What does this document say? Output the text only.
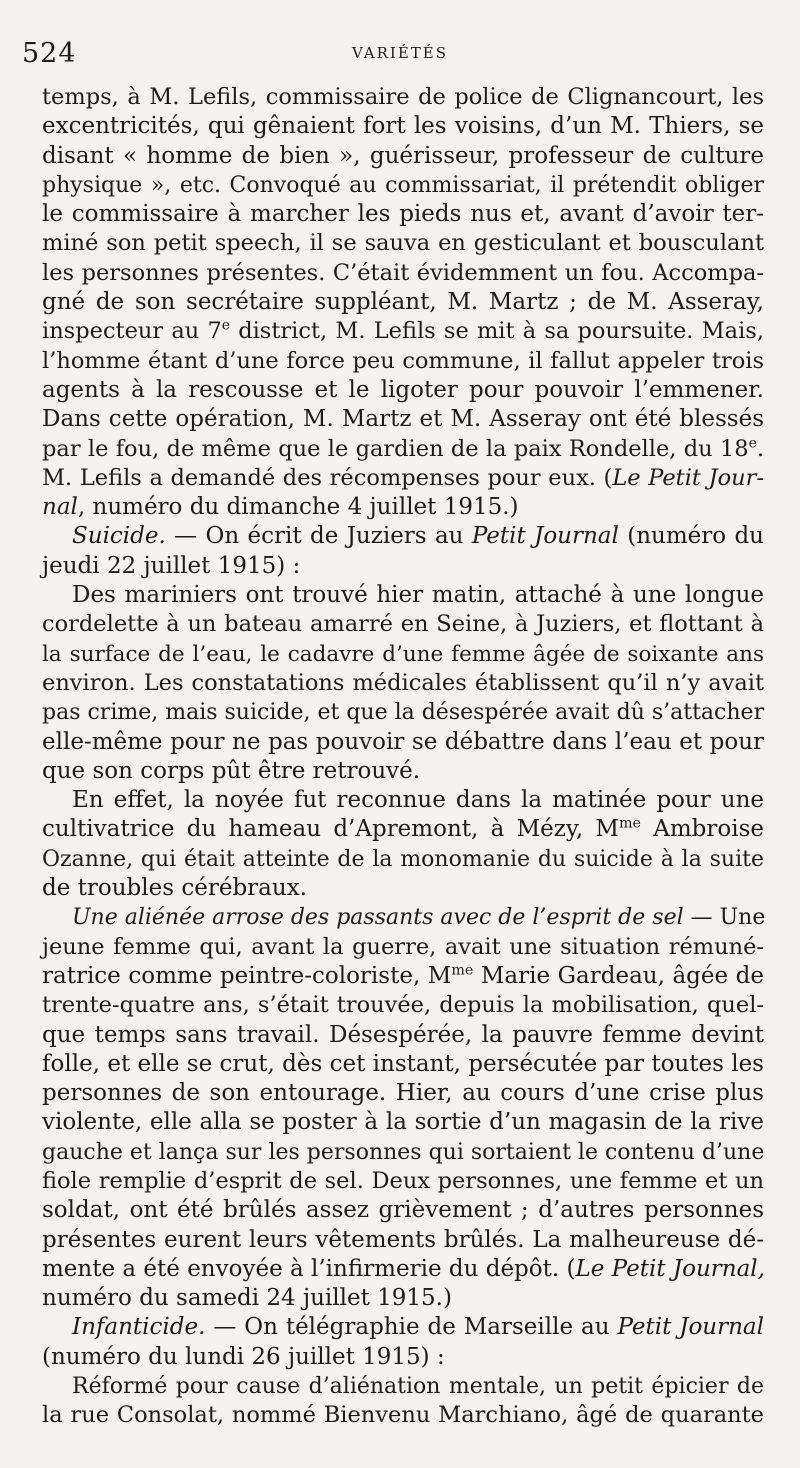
524	VARIÉTÉS
temps, à M. Lefils, commissaire de police de Clignancourt, les
excentricités, qui gênaient fort les voisins, d’un M. Thiers, se
disant « homme de bien », guérisseur, professeur de culture
physique », etc. Convoqué au commissariat, il prétendit obliger
le commissaire à marcher les pieds nus et, avant d’avoir ter-
miné son petit speech, il se sauva en gesticulant et bousculant
les personnes présentes. C’était évidemment un fou. Accompa-
gné de son secrétaire suppléant, M. Martz ; de M. Asseray,
inspecteur au 7e district, M. Lefils se mit à sa poursuite. Mais,
l’homme étant d’une force peu commune, il fallut appeler trois
agents à la rescousse et le ligoter pour pouvoir l’emmener.
Dans cette opération, M. Martz et M. Asseray ont été blessés
par le fou, de même que le gardien de la paix Rondelle, du 18e.
M. Lefils a demandé des récompenses pour eux. (Le Petit Jour-
nal, numéro du dimanche 4 juillet 1915.)
Suicide. — On écrit de Juziers au Petit Journal (numéro du
jeudi 22 juillet 1915) :
Des mariniers ont trouvé hier matin, attaché à une longue
cordelette à un bateau amarré en Seine, à Juziers, et flottant à
la surface de l’eau, le cadavre d’une femme âgée de soixante ans
environ. Les constatations médicales établissent qu’il n’y avait
pas crime, mais suicide, et que la désespérée avait dû s’attacher
elle-même pour ne pas pouvoir se débattre dans l’eau et pour
que son corps pût être retrouvé.
En effet, la noyée fut reconnue dans la matinée pour une
cultivatrice du hameau d’Apremont, à Mézy, $M^{me}$ Ambroise
Ozanne, qui était atteinte de la monomanie du suicide à la suite
de troubles cérébraux.
Une aliénée arrose des passants avec de l’esprit de sel — Une
jeune femme qui, avant la guerre, avait une situation rémuné-
ratrice comme peintre-coloriste, $M^{me}$ Marie Gardeau, âgée de
trente-quatre ans, s’était trouvée, depuis la mobilisation, quel-
que temps sans travail. Désespérée, la pauvre femme devint
folle, et elle se crut, dès cet instant, persécutée par toutes les
personnes de son entourage. Hier, au cours d’une crise plus
violente, elle alla se poster à la sortie d’un magasin de la rive
gauche et lança sur les personnes qui sortaient le contenu d’une
fiole remplie d’esprit de sel. Deux personnes, une femme et un
soldat, ont été brûlés assez grièvement ; d’autres personnes
présentes eurent leurs vêtements brûlés. La malheureuse dé-
mente a été envoyée à l’infirmerie du dépôt. (Le Petit Journal,
numéro du samedi 24 juillet 1915.)
Infanticide. — On télégraphie de Marseille au Petit Journal
(numéro du lundi 26 juillet 1915) :
Réformé pour cause d’aliénation mentale, un petit épicier de
la rue Consolat, nommé Bienvenu Marchiano, âgé de quarante
